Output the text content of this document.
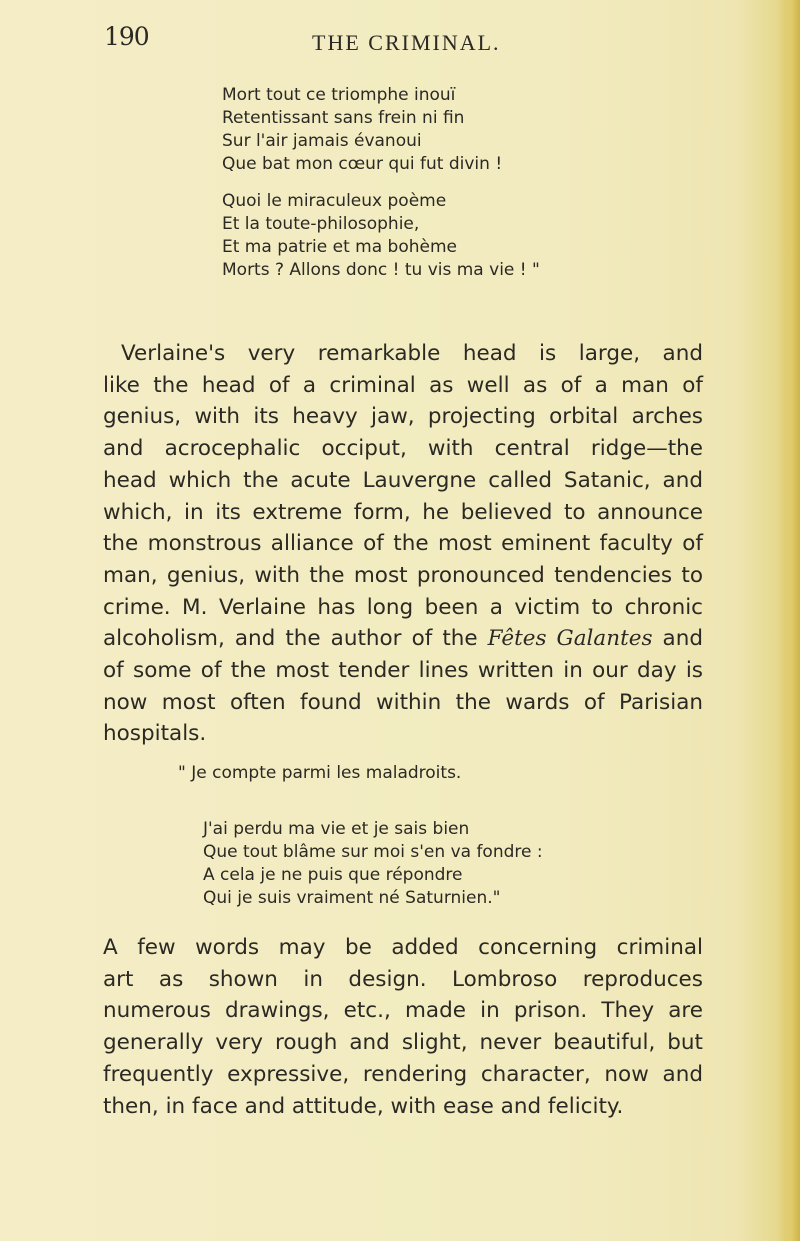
190	THE CRIMINAL.
Mort tout ce triomphe inouï
Retentissant sans frein ni fin
Sur l'air jamais évanoui
Que bat mon cœur qui fut divin !
Quoi le miraculeux poème
Et la toute-philosophie,
Et ma patrie et ma bohème
Morts ? Allons donc ! tu vis ma vie ! "
Verlaine's very remarkable head is large, and
like the head of a criminal as well as of a man of
genius, with its heavy jaw, projecting orbital arches
and acrocephalic occiput, with central ridge—the
head which the acute Lauvergne called Satanic, and
which, in its extreme form, he believed to announce
the monstrous alliance of the most eminent faculty of
man, genius, with the most pronounced tendencies to
crime. M. Verlaine has long been a victim to chronic
alcoholism, and the author of the Fêtes Galantes and
of some of the most tender lines written in our day is
now most often found within the wards of Parisian
hospitals.
" Je compte parmi les maladroits.
J'ai perdu ma vie et je sais bien
Que tout blâme sur moi s'en va fondre :
A cela je ne puis que répondre
Qui je suis vraiment né Saturnien."
A few words may be added concerning criminal
art as shown in design. Lombroso reproduces
numerous drawings, etc., made in prison. They are
generally very rough and slight, never beautiful, but
frequently expressive, rendering character, now and
then, in face and attitude, with ease and felicity.
